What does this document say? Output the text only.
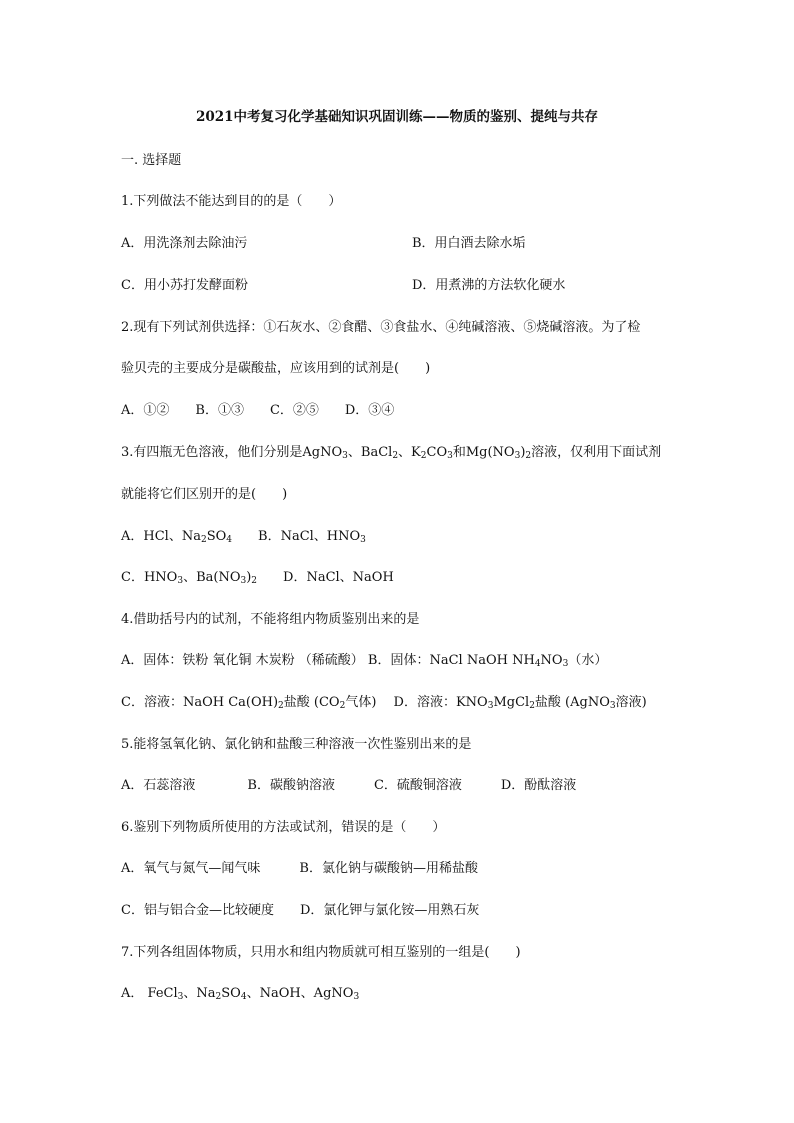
2021中考复习化学基础知识巩固训练——物质的鉴别、提纯与共存
一. 选择题
1.下列做法不能达到目的的是（　　）
A．用洗涤剂去除油污	B．用白酒去除水垢
C．用小苏打发酵面粉	D．用煮沸的方法软化硬水
2.现有下列试剂供选择：①石灰水、②食醋、③食盐水、④纯碱溶液、⑤烧碱溶液。为了检
验贝壳的主要成分是碳酸盐，应该用到的试剂是(　　)
A．①②　　B．①③　　C．②⑤　　D．③④
3.有四瓶无色溶液，他们分别是AgNO$_3$、BaCl$_2$、$K_2CO_3$和$Mg(NO_3)_2$溶液，仅利用下面试剂
就能将它们区别开的是(　　)
A．HCl、$Na_2SO_4$　　B．NaCl、$HNO_3$
C．$HNO_3$、$Ba(NO_3)_2$　　D．NaCl、NaOH
4.借助括号内的试剂，不能将组内物质鉴别出来的是
A．固体：铁粉 氧化铜 木炭粉 （稀硫酸） B．固体：NaCl NaOH $NH_4NO_3$（水）
C．溶液：NaOH $Ca(OH)_2$盐酸 ($CO_2$气体)　 D．溶液：$KNO_3MgCl_2$盐酸 (AgNO$_3$溶液)
5.能将氢氧化钠、氯化钠和盐酸三种溶液一次性鉴别出来的是
A．石蕊溶液　　　　B．碳酸钠溶液　　　C．硫酸铜溶液　　　D．酚酞溶液
6.鉴别下列物质所使用的方法或试剂，错误的是（　　）
A．氧气与氮气—闻气味　　　B．氯化钠与碳酸钠—用稀盐酸
C．铝与铝合金—比较硬度　　D．氯化钾与氯化铵—用熟石灰
7.下列各组固体物质，只用水和组内物质就可相互鉴别的一组是(　　)
A． FeCl$_3$、$Na_2SO_4$、NaOH、AgNO$_3$
